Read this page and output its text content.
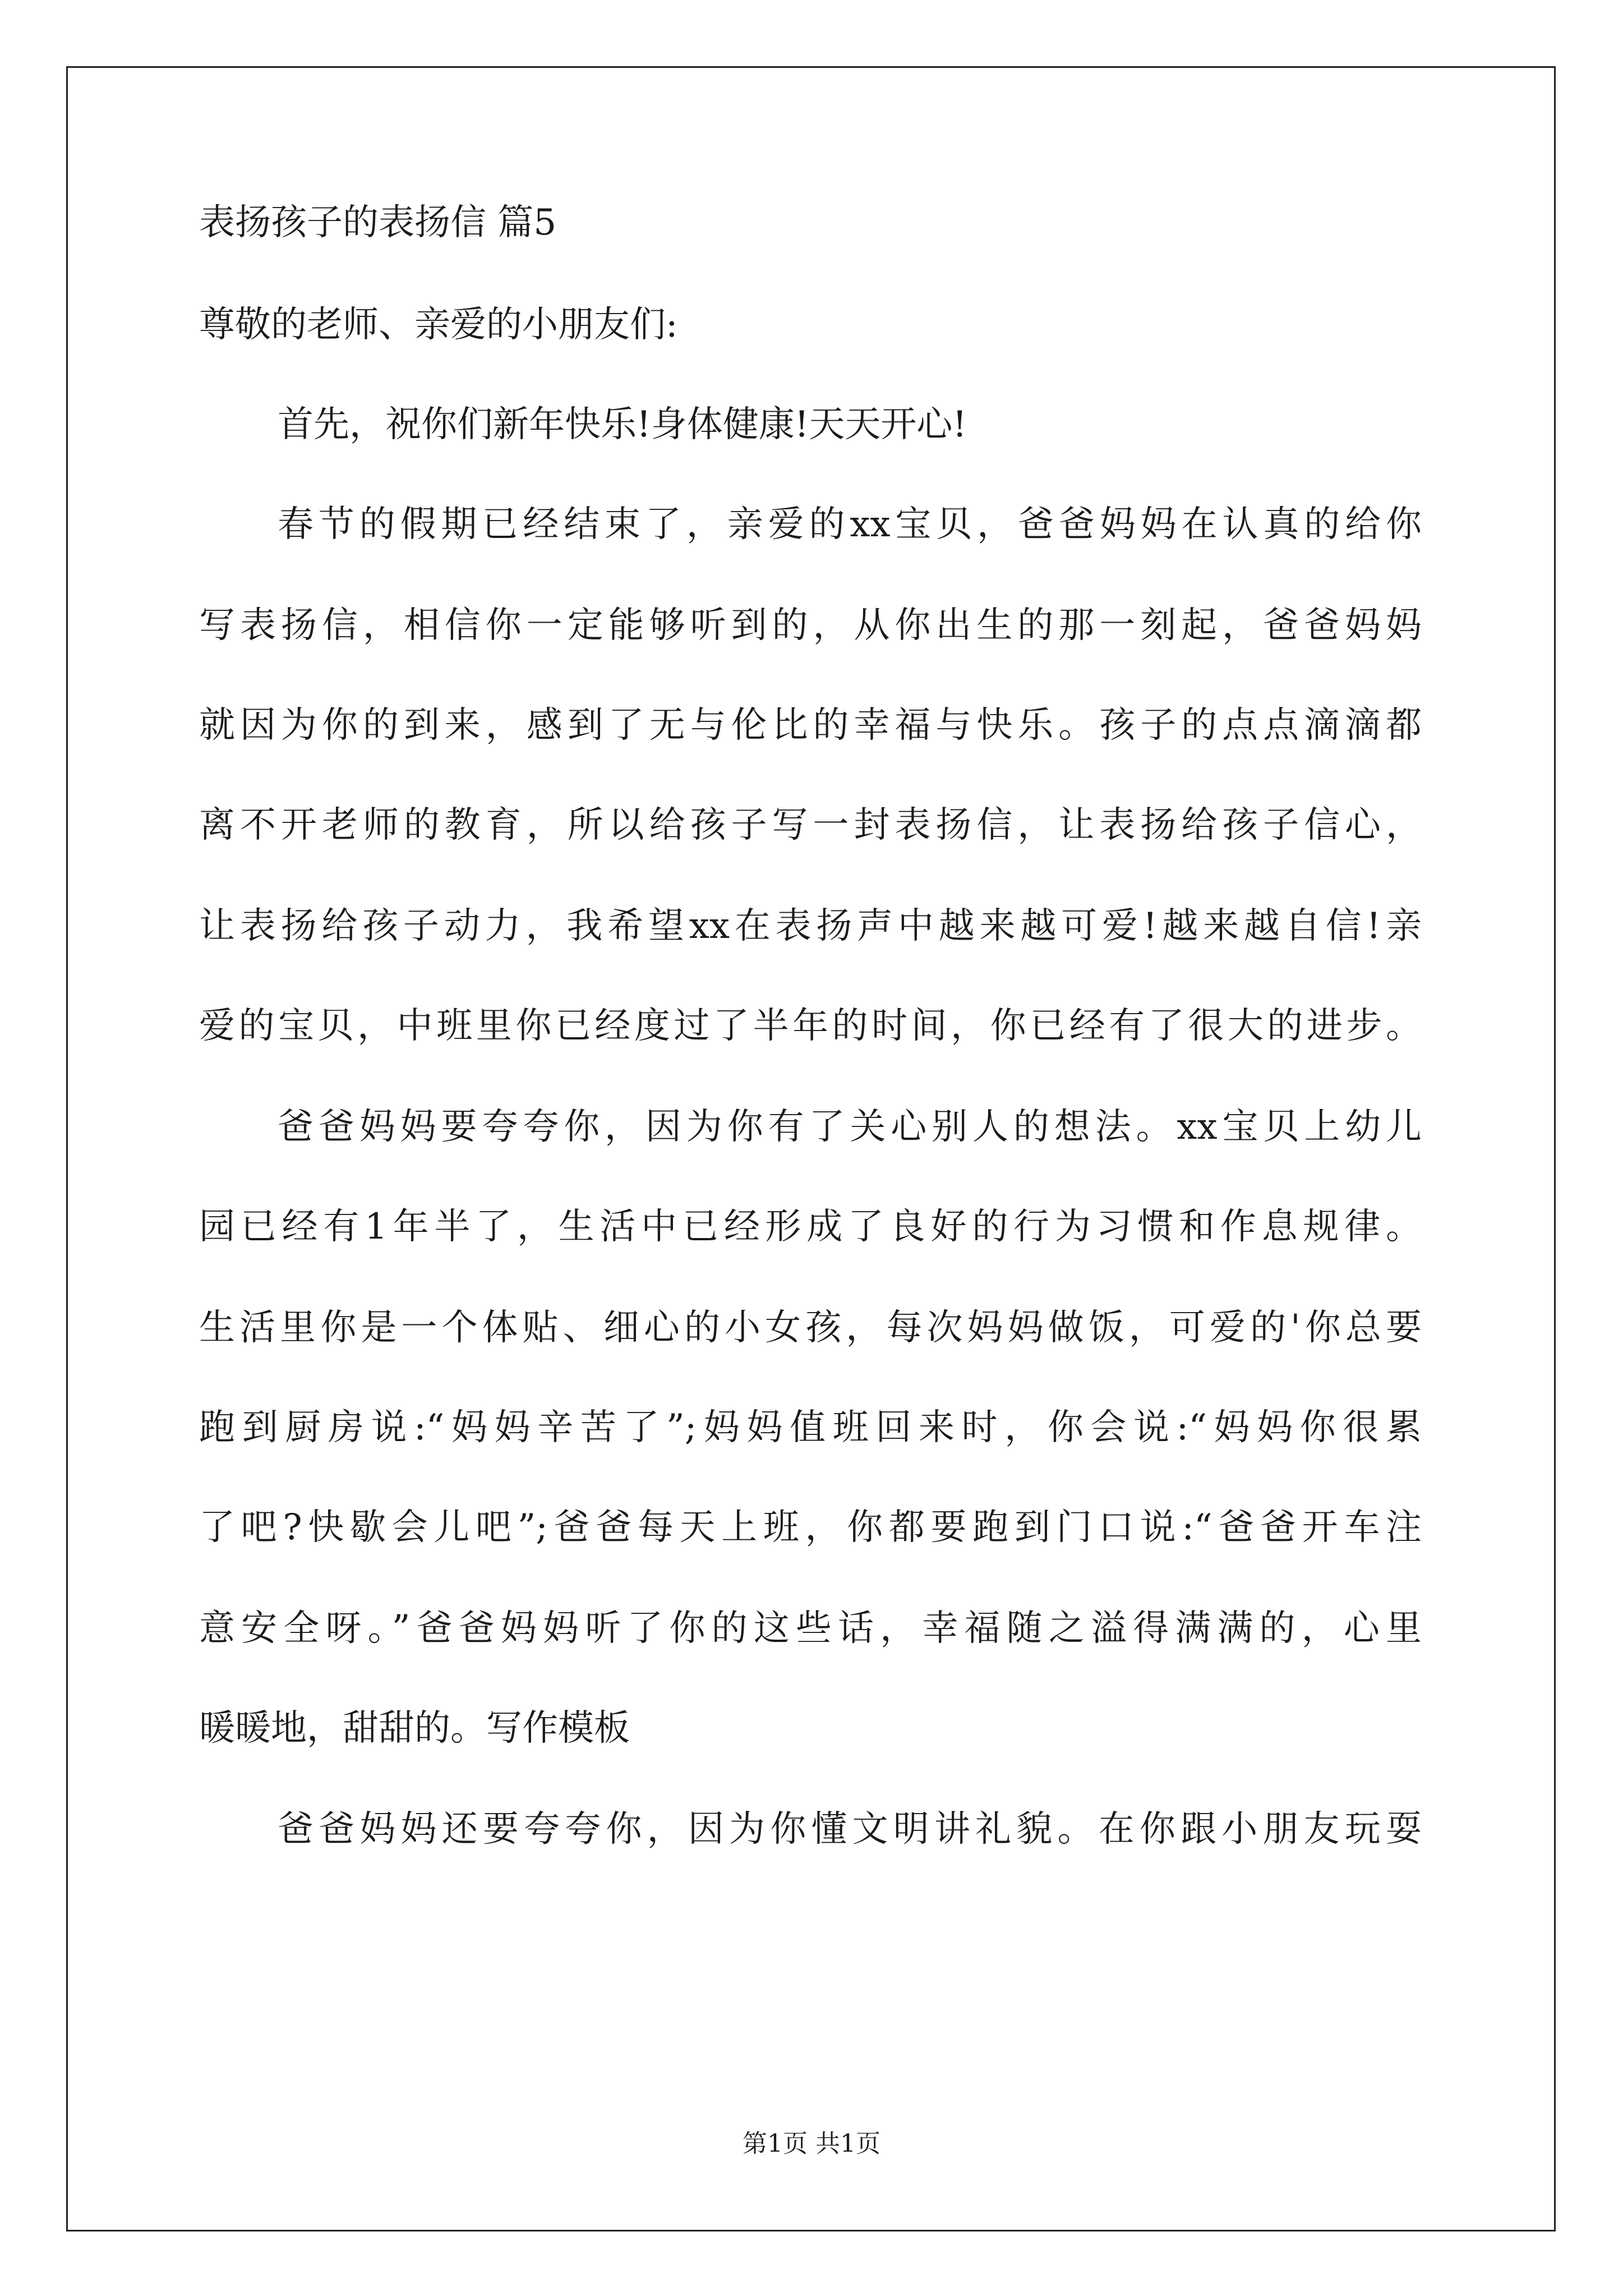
表扬孩子的表扬信 篇5
尊敬的老师、亲爱的小朋友们:
首先，祝你们新年快乐!身体健康!天天开心!
春节的假期已经结束了，亲爱的xx宝贝，爸爸妈妈在认真的给你
写表扬信，相信你一定能够听到的，从你出生的那一刻起，爸爸妈妈
就因为你的到来，感到了无与伦比的幸福与快乐。孩子的点点滴滴都
离不开老师的教育，所以给孩子写一封表扬信，让表扬给孩子信心，
让表扬给孩子动力，我希望xx在表扬声中越来越可爱!越来越自信!亲
爱的宝贝，中班里你已经度过了半年的时间，你已经有了很大的进步。
爸爸妈妈要夸夸你，因为你有了关心别人的想法。xx宝贝上幼儿
园已经有1年半了，生活中已经形成了良好的行为习惯和作息规律。
生活里你是一个体贴、细心的小女孩，每次妈妈做饭，可爱的'你总要
跑到厨房说:“妈妈辛苦了”;妈妈值班回来时，你会说:“妈妈你很累
了吧?快歇会儿吧”;爸爸每天上班，你都要跑到门口说:“爸爸开车注
意安全呀。”爸爸妈妈听了你的这些话，幸福随之溢得满满的，心里
暖暖地，甜甜的。写作模板
爸爸妈妈还要夸夸你，因为你懂文明讲礼貌。在你跟小朋友玩耍
第1页 共1页
